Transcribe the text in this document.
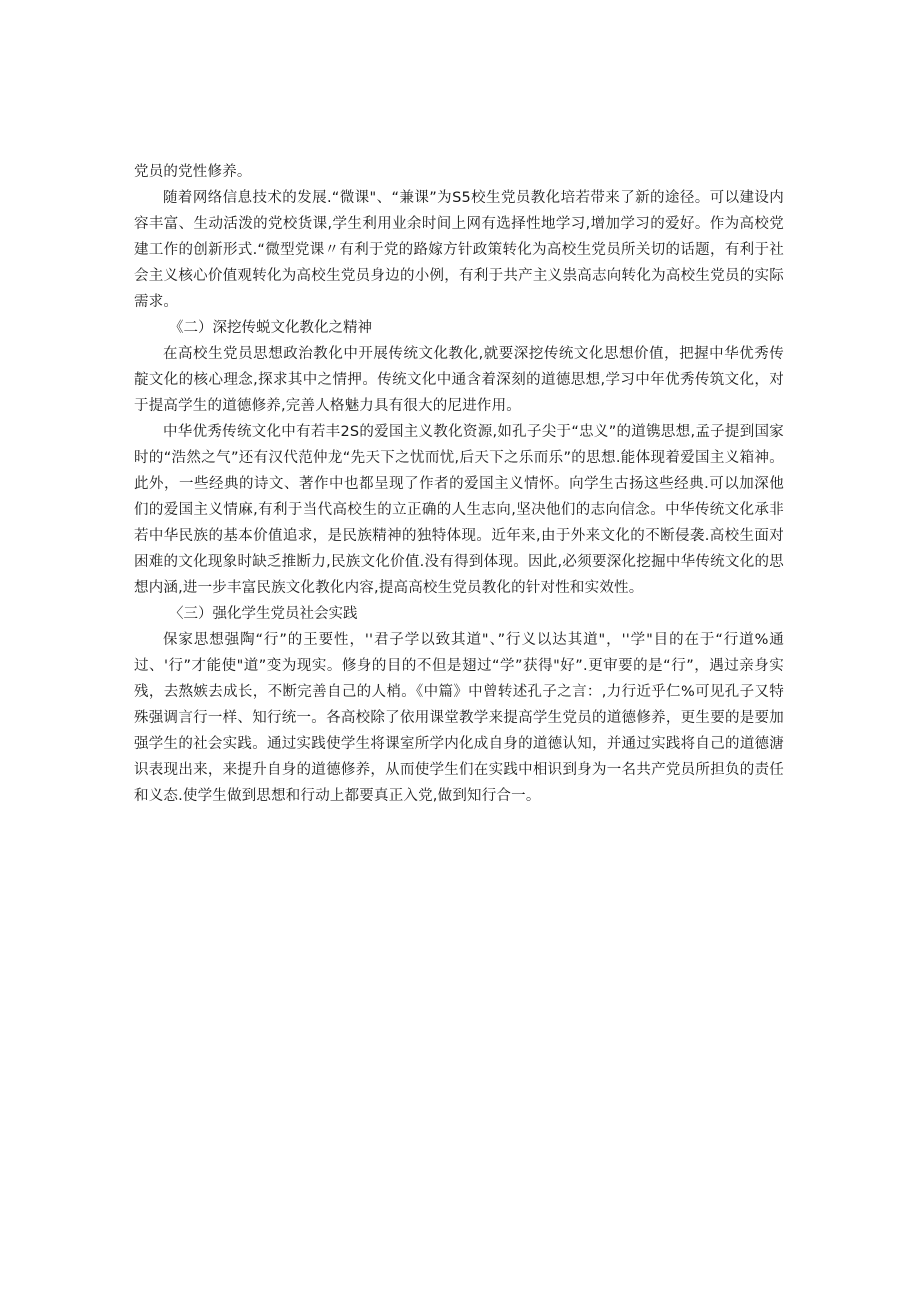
党员的党性修养。

随着网络信息技术的发展.“微课"、“兼课”为S5校生党员教化培若带来了新的途径。可以建设内容丰富、生动活泼的党校货课,学生利用业余时间上网有选择性地学习,增加学习的爱好。作为高校党建工作的创新形式.“微型党课〃有利于党的路嫁方针政策转化为高校生党员所关切的话题，有利于社会主义核心价值观转化为高校生党员身边的小例，有利于共产主义祟高志向转化为高校生党员的实际需求。

《二）深挖传蜕文化教化之精神

在高校生党员思想政治教化中开展传统文化教化,就要深挖传统文化思想价值，把握中华优秀传靛文化的核心理念,探求其中之情押。传统文化中通含着深刻的道德思想,学习中年优秀传筑文化，对于提高学生的道德修养,完善人格魅力具有很大的尼进作用。

中华优秀传统文化中有若丰2S的爱国主义教化资源,如孔子尖于“忠义”的道镌思想,孟子提到国家时的“浩然之气”还有汉代范仲龙“先天下之忧而忧,后天下之乐而乐”的思想.能体现着爱国主义箱神。此外，一些经典的诗文、著作中也都呈现了作者的爱国主义情怀。向学生古扬这些经典.可以加深他们的爱国主义情麻,有利于当代高校生的立正确的人生志向,坚决他们的志向信念。中华传统文化承非若中华民族的基本价值追求，是民族精神的独特体现。近年来,由于外来文化的不断侵袭.高校生面对困难的文化现象时缺乏推断力,民族文化价值.没有得到体现。因此,必须要深化挖掘中华传统文化的思想内涵,进一步丰富民族文化教化内容,提高高校生党员教化的针对性和实效性。

〈三）强化学生党员社会实践

保家思想强陶“行”的王要性，''君子学以致其道"、”行义以达其道"，''学"目的在于“行道%通过、'行”才能使"道”变为现实。修身的目的不但是翅过“学”获得"好”.更审要的是“行”，遇过亲身实残，去熬嫉去成长，不断完善自己的人梢。《中篇》中曾转述孔子之言：,力行近乎仁%可见孔子又特殊强调言行一样、知行统一。各高校除了依用课堂教学来提高学生党员的道德修养，更生要的是要加强学生的社会实践。通过实践使学生将课室所学内化成自身的道德认知，并通过实践将自己的道德溏识表现出来，来提升自身的道德修养，从而使学生们在实践中相识到身为一名共产党员所担负的责任和义态.使学生做到思想和行动上都要真正入党,做到知行合一。
